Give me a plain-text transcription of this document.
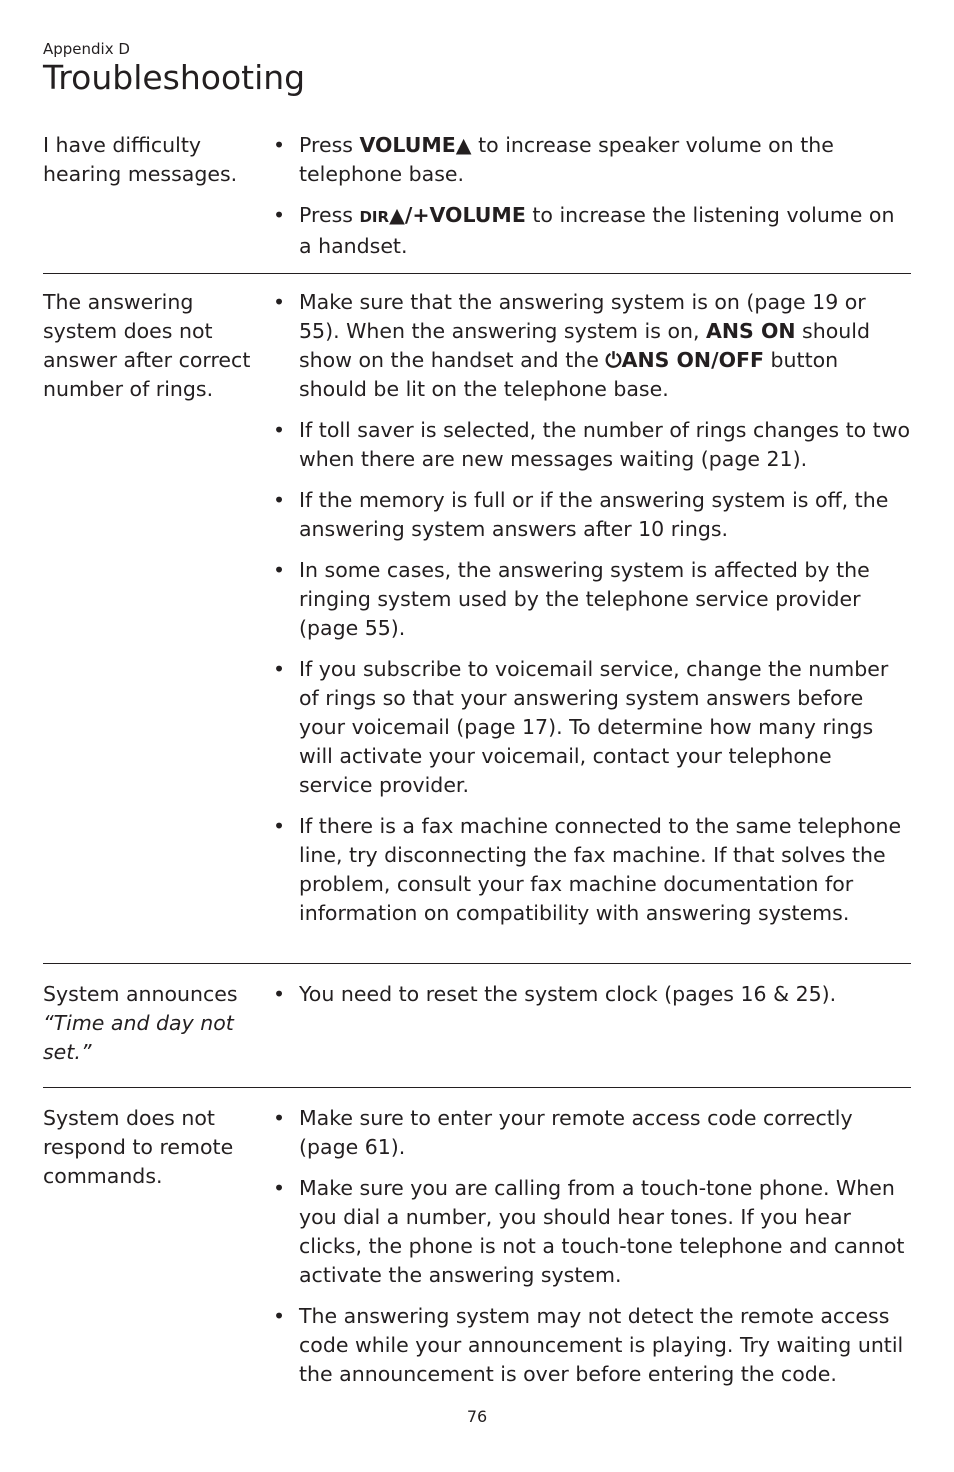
Appendix D
Troubleshooting
I have difficulty hearing messages.
• Press VOLUME▲ to increase speaker volume on the telephone base.
• Press DIR▲/+VOLUME to increase the listening volume on a handset.
The answering system does not answer after correct number of rings.
• Make sure that the answering system is on (page 19 or 55). When the answering system is on, ANS ON should show on the handset and the ⏻ANS ON/OFF button should be lit on the telephone base.
• If toll saver is selected, the number of rings changes to two when there are new messages waiting (page 21).
• If the memory is full or if the answering system is off, the answering system answers after 10 rings.
• In some cases, the answering system is affected by the ringing system used by the telephone service provider (page 55).
• If you subscribe to voicemail service, change the number of rings so that your answering system answers before your voicemail (page 17). To determine how many rings will activate your voicemail, contact your telephone service provider.
• If there is a fax machine connected to the same telephone line, try disconnecting the fax machine. If that solves the problem, consult your fax machine documentation for information on compatibility with answering systems.
System announces “Time and day not set.”
• You need to reset the system clock (pages 16 & 25).
System does not respond to remote commands.
• Make sure to enter your remote access code correctly (page 61).
• Make sure you are calling from a touch-tone phone. When you dial a number, you should hear tones. If you hear clicks, the phone is not a touch-tone telephone and cannot activate the answering system.
• The answering system may not detect the remote access code while your announcement is playing. Try waiting until the announcement is over before entering the code.
76
